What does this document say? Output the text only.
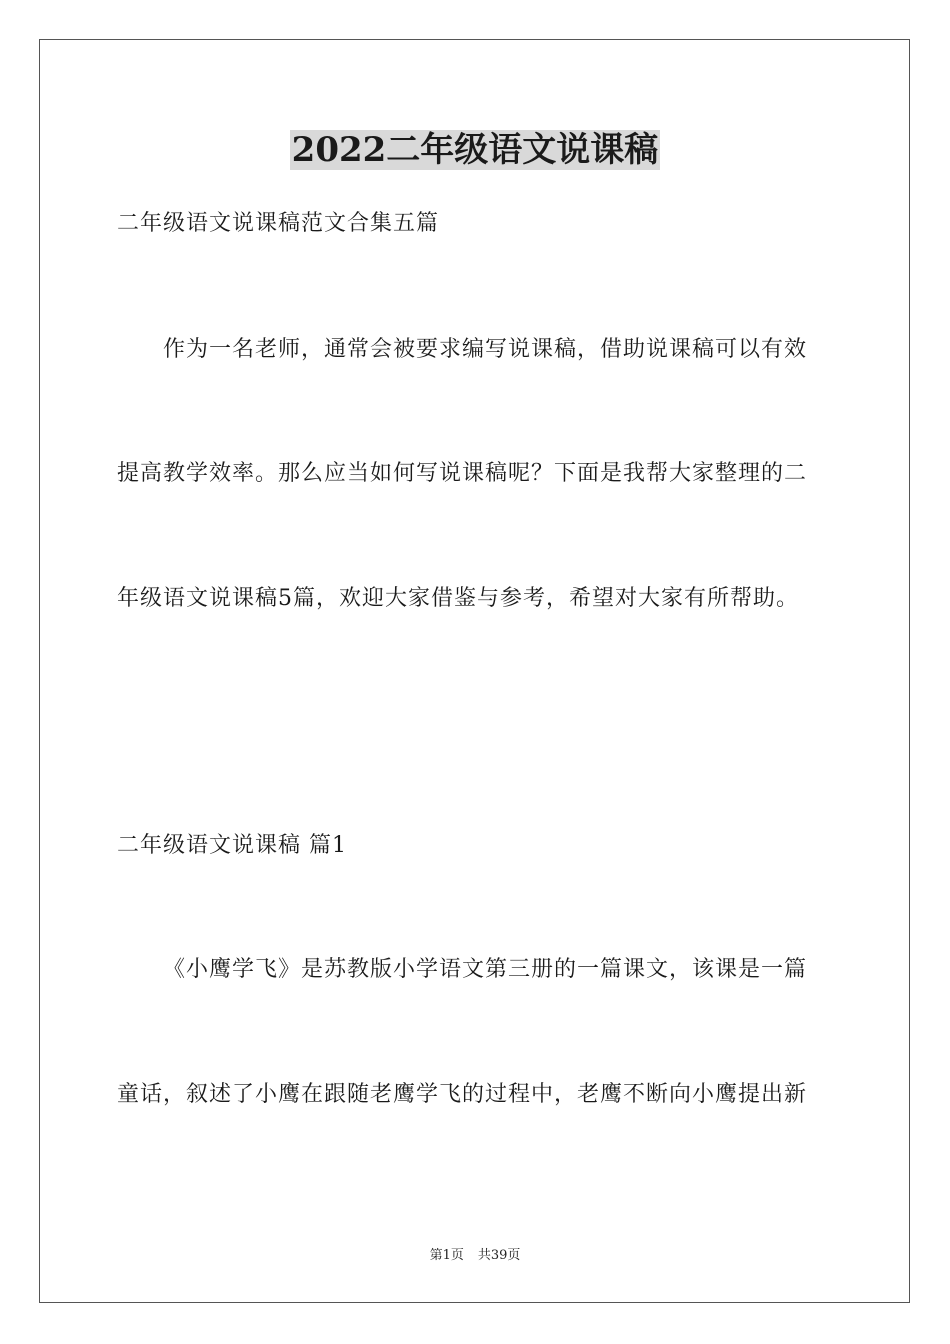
2022二年级语文说课稿
二年级语文说课稿范文合集五篇
作为一名老师，通常会被要求编写说课稿，借助说课稿可以有效
提高教学效率。那么应当如何写说课稿呢？下面是我帮大家整理的二
年级语文说课稿5篇，欢迎大家借鉴与参考，希望对大家有所帮助。
二年级语文说课稿 篇1
《小鹰学飞》是苏教版小学语文第三册的一篇课文，该课是一篇
童话，叙述了小鹰在跟随老鹰学飞的过程中，老鹰不断向小鹰提出新
第1页 共39页
